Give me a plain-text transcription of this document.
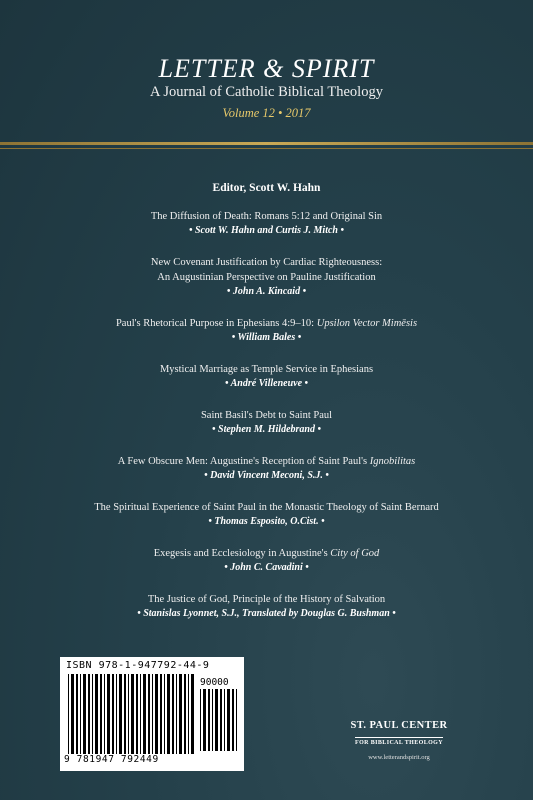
LETTER & SPIRIT
A Journal of Catholic Biblical Theology
Volume 12 • 2017
Editor, Scott W. Hahn
The Diffusion of Death: Romans 5:12 and Original Sin
• Scott W. Hahn and Curtis J. Mitch •
New Covenant Justification by Cardiac Righteousness:
An Augustinian Perspective on Pauline Justification
• John A. Kincaid •
Paul's Rhetorical Purpose in Ephesians 4:9–10: Upsilon Vector Mimēsis
• William Bales •
Mystical Marriage as Temple Service in Ephesians
• André Villeneuve •
Saint Basil's Debt to Saint Paul
• Stephen M. Hildebrand •
A Few Obscure Men: Augustine's Reception of Saint Paul's Ignobilitas
• David Vincent Meconi, S.J. •
The Spiritual Experience of Saint Paul in the Monastic Theology of Saint Bernard
• Thomas Esposito, O.Cist. •
Exegesis and Ecclesiology in Augustine's City of God
• John C. Cavadini •
The Justice of God, Principle of the History of Salvation
• Stanislas Lyonnet, S.J., Translated by Douglas G. Bushman •
ISBN 978-1-947792-44-9
90000
9 781947 792449
ST. PAUL CENTER
FOR BIBLICAL THEOLOGY
www.letterandspirit.org
